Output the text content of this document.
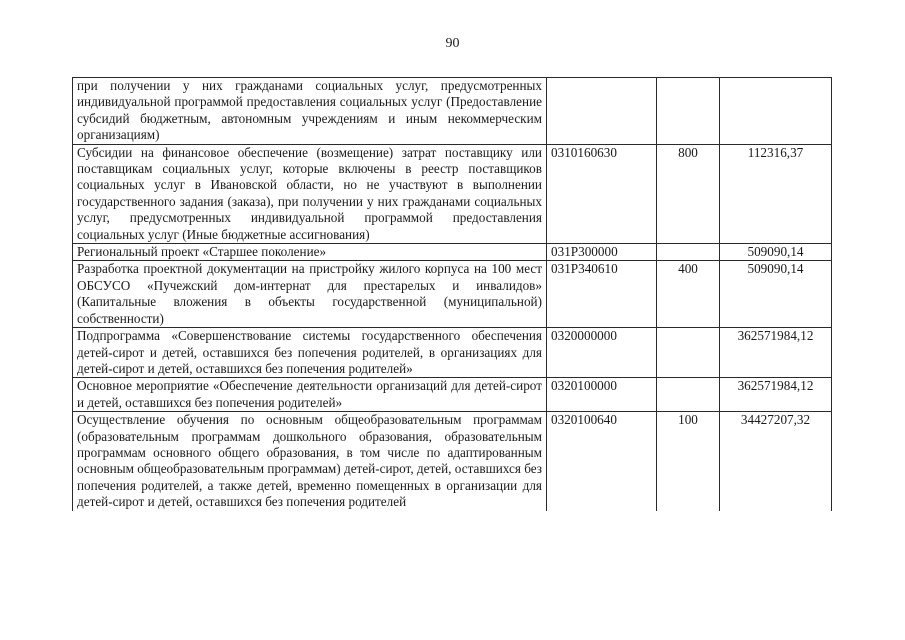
90
при получении у них гражданами социальных услуг, предусмотренных индивидуальной программой предоставления социальных услуг (Предоставление субсидий бюджетным, автономным учреждениям и иным некоммерческим организациям)			
Субсидии на финансовое обеспечение (возмещение) затрат поставщику или поставщикам социальных услуг, которые включены в реестр поставщиков социальных услуг в Ивановской области, но не участвуют в выполнении государственного задания (заказа), при получении у них гражданами социальных услуг, предусмотренных индивидуальной программой предоставления социальных услуг (Иные бюджетные ассигнования)	0310160630	800	112316,37
Региональный проект «Старшее поколение»	031P300000		509090,14
Разработка проектной документации на пристройку жилого корпуса на 100 мест ОБСУСО «Пучежский дом-интернат для престарелых и инвалидов» (Капитальные вложения в объекты государственной (муниципальной) собственности)	031P340610	400	509090,14
Подпрограмма «Совершенствование системы государственного обеспечения детей-сирот и детей, оставшихся без попечения родителей, в организациях для детей-сирот и детей, оставшихся без попечения родителей»	0320000000		362571984,12
Основное мероприятие «Обеспечение деятельности организаций для детей-сирот и детей, оставшихся без попечения родителей»	0320100000		362571984,12
Осуществление обучения по основным общеобразовательным программам (образовательным программам дошкольного образования, образовательным программам основного общего образования, в том числе по адаптированным основным общеобразовательным программам) детей-сирот, детей, оставшихся без попечения родителей, а также детей, временно помещенных в организации для детей-сирот и детей, оставшихся без попечения родителей	0320100640	100	34427207,32
